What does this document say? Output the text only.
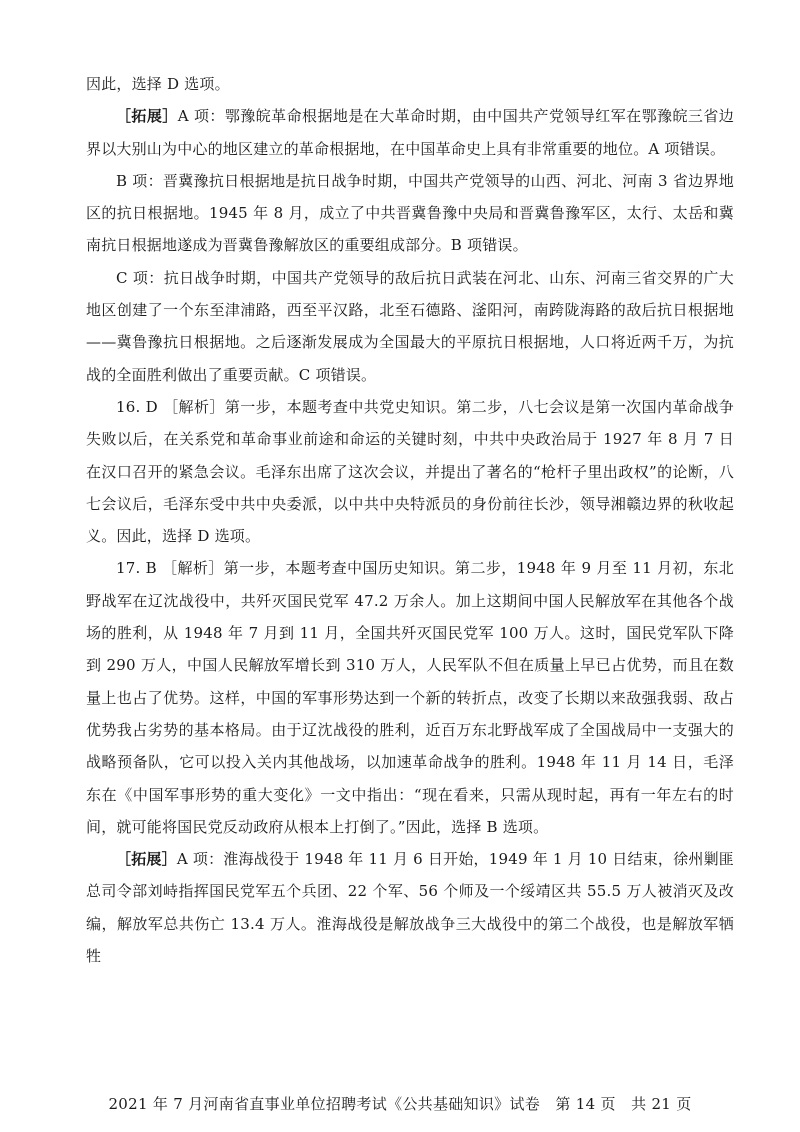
因此，选择 D 选项。

［拓展］A 项：鄂豫皖革命根据地是在大革命时期，由中国共产党领导红军在鄂豫皖三省边界以大别山为中心的地区建立的革命根据地，在中国革命史上具有非常重要的地位。A 项错误。

B 项：晋冀豫抗日根据地是抗日战争时期，中国共产党领导的山西、河北、河南 3 省边界地区的抗日根据地。1945 年 8 月，成立了中共晋冀鲁豫中央局和晋冀鲁豫军区，太行、太岳和冀南抗日根据地遂成为晋冀鲁豫解放区的重要组成部分。B 项错误。

C 项：抗日战争时期，中国共产党领导的敌后抗日武装在河北、山东、河南三省交界的广大地区创建了一个东至津浦路，西至平汉路，北至石德路、滏阳河，南跨陇海路的敌后抗日根据地——冀鲁豫抗日根据地。之后逐渐发展成为全国最大的平原抗日根据地，人口将近两千万，为抗战的全面胜利做出了重要贡献。C 项错误。

16. D ［解析］第一步，本题考查中共党史知识。第二步，八七会议是第一次国内革命战争失败以后，在关系党和革命事业前途和命运的关键时刻，中共中央政治局于 1927 年 8 月 7 日在汉口召开的紧急会议。毛泽东出席了这次会议，并提出了著名的“枪杆子里出政权”的论断，八七会议后，毛泽东受中共中央委派，以中共中央特派员的身份前往长沙，领导湘赣边界的秋收起义。因此，选择 D 选项。

17. B ［解析］第一步，本题考查中国历史知识。第二步，1948 年 9 月至 11 月初，东北野战军在辽沈战役中，共歼灭国民党军 47.2 万余人。加上这期间中国人民解放军在其他各个战场的胜利，从 1948 年 7 月到 11 月，全国共歼灭国民党军 100 万人。这时，国民党军队下降到 290 万人，中国人民解放军增长到 310 万人，人民军队不但在质量上早已占优势，而且在数量上也占了优势。这样，中国的军事形势达到一个新的转折点，改变了长期以来敌强我弱、敌占优势我占劣势的基本格局。由于辽沈战役的胜利，近百万东北野战军成了全国战局中一支强大的战略预备队，它可以投入关内其他战场，以加速革命战争的胜利。1948 年 11 月 14 日，毛泽东在《中国军事形势的重大变化》一文中指出：“现在看来，只需从现时起，再有一年左右的时间，就可能将国民党反动政府从根本上打倒了。”因此，选择 B 选项。

［拓展］A 项：淮海战役于 1948 年 11 月 6 日开始，1949 年 1 月 10 日结束，徐州剿匪总司令部刘峙指挥国民党军五个兵团、22 个军、56 个师及一个绥靖区共 55.5 万人被消灭及改编，解放军总共伤亡 13.4 万人。淮海战役是解放战争三大战役中的第二个战役，也是解放军牺牲

2021 年 7 月河南省直事业单位招聘考试《公共基础知识》试卷　第 14 页　共 21 页
